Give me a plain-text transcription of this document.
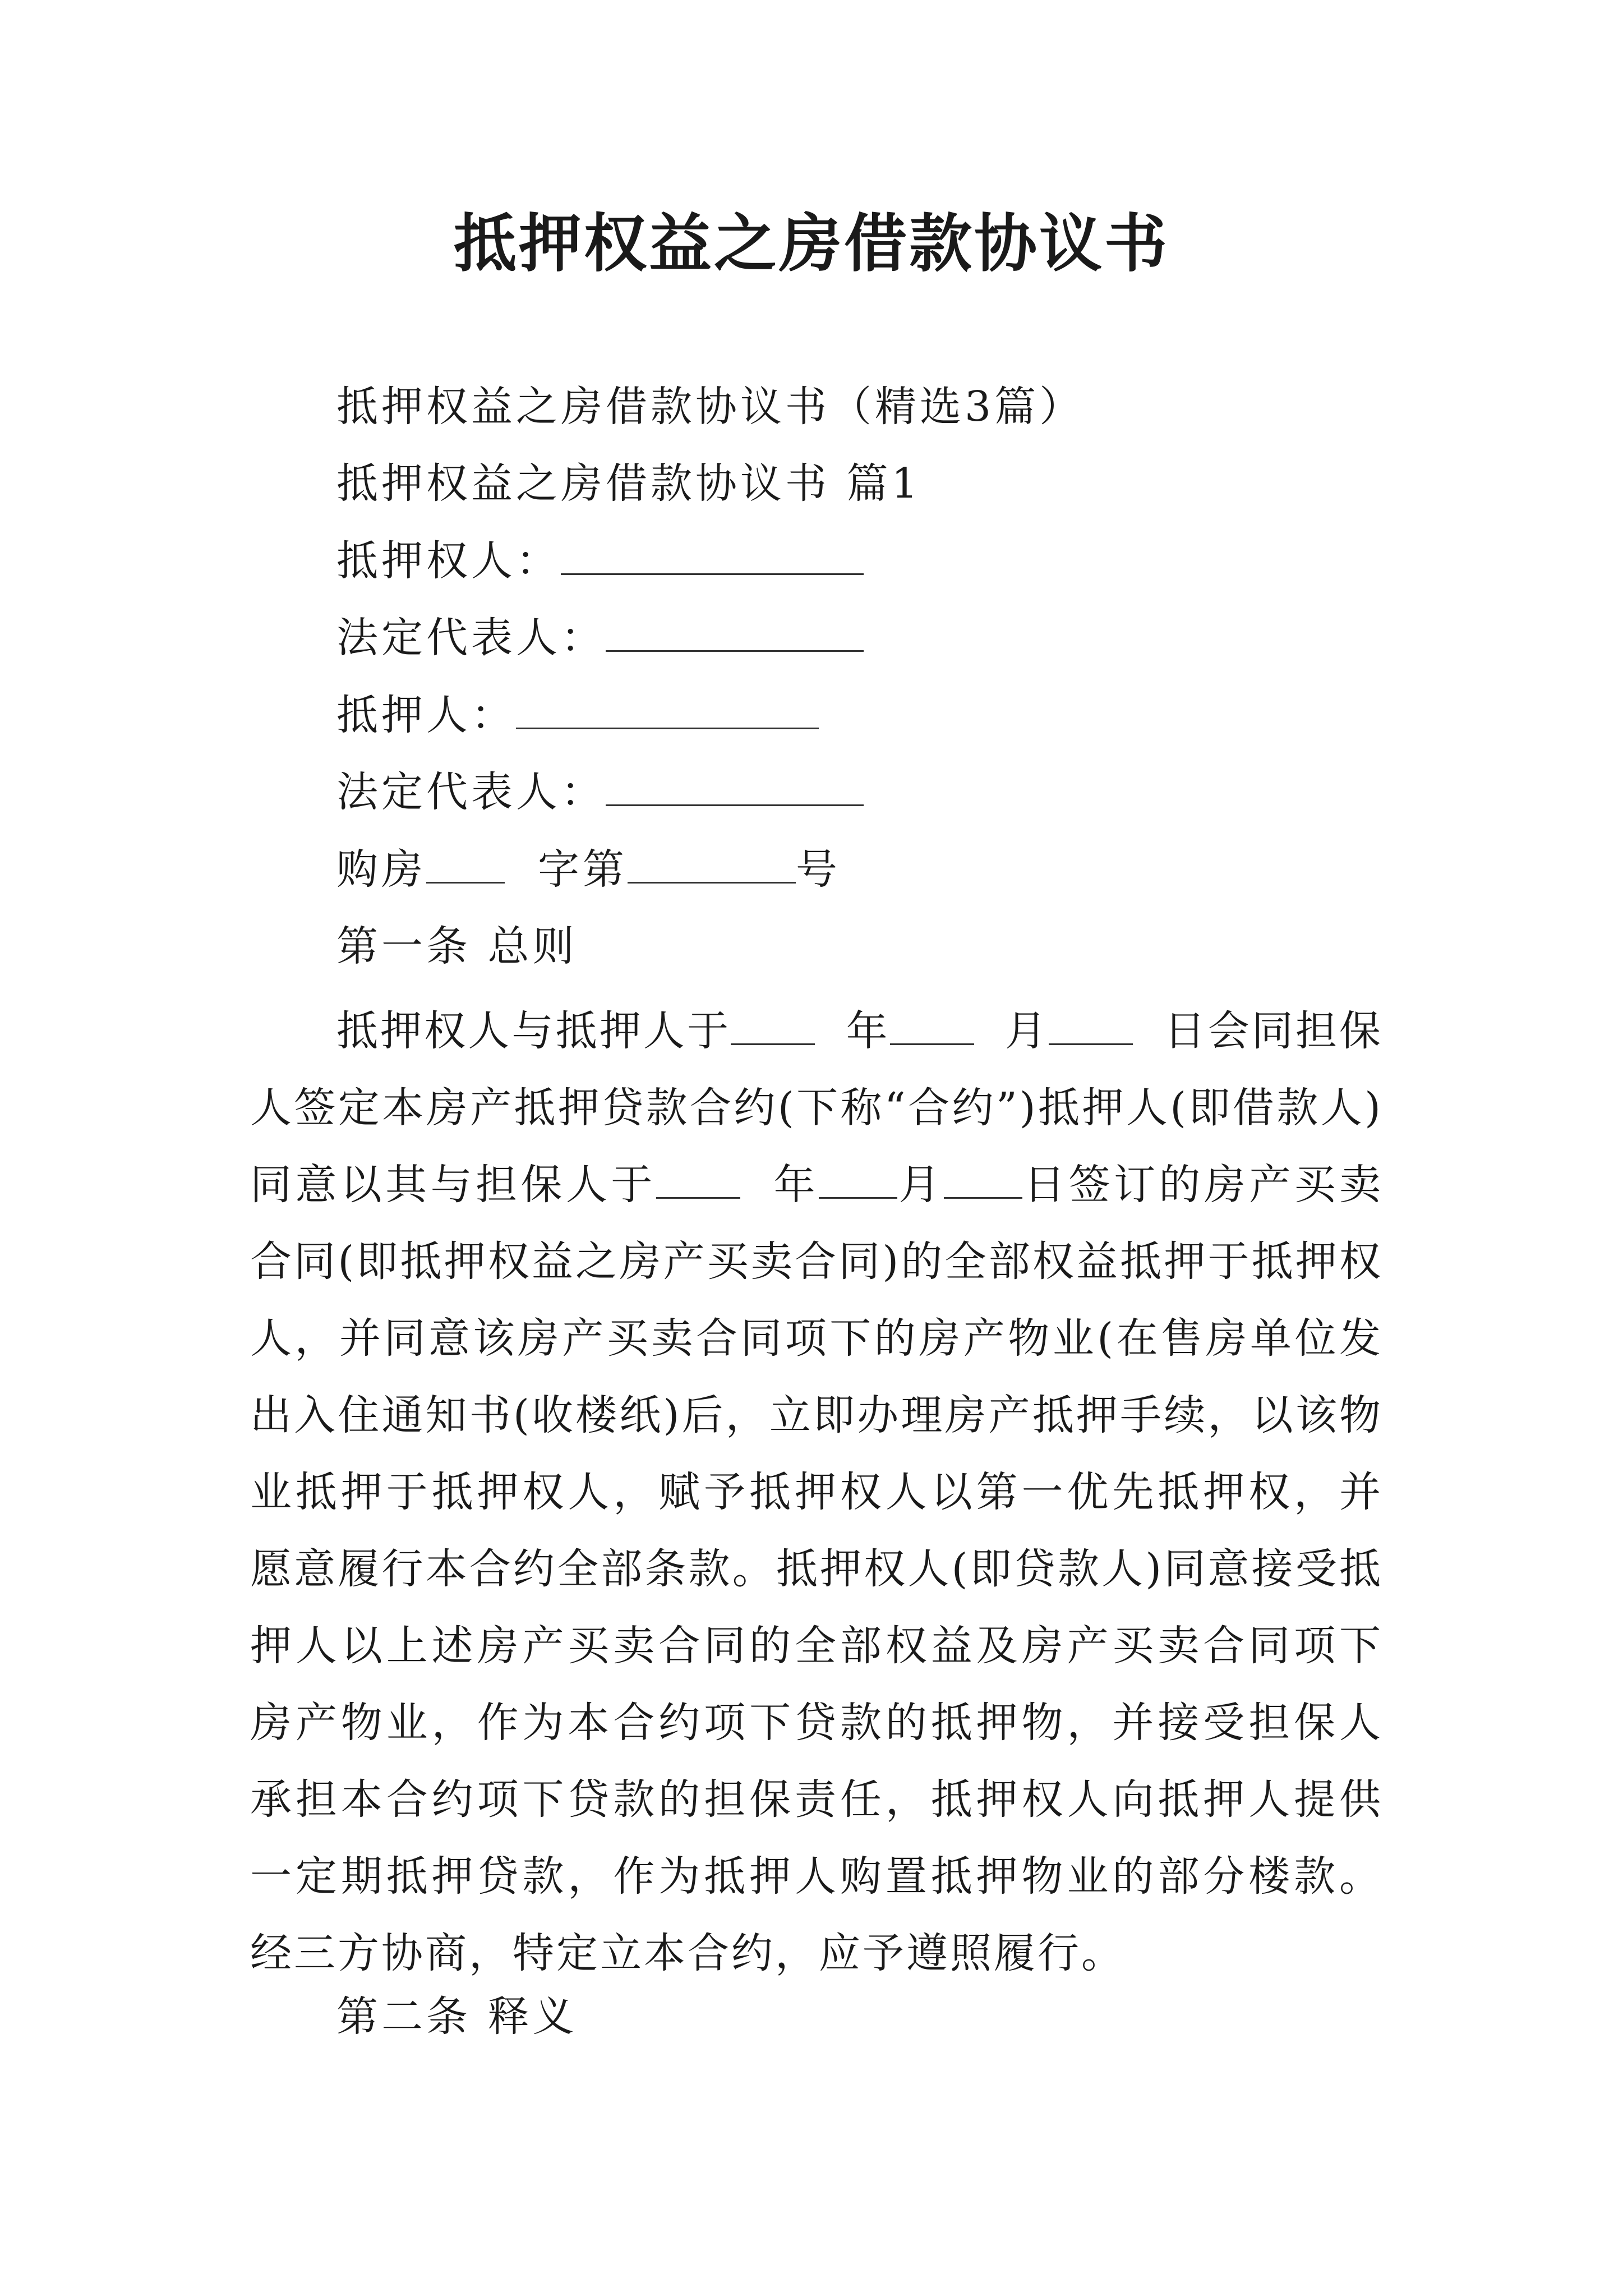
抵押权益之房借款协议书
抵押权益之房借款协议书（精选3篇）
抵押权益之房借款协议书 篇1
抵押权人：
法定代表人：
抵押人：
法定代表人：
购房	字第	号
第一条 总则

抵押权人与抵押人于	年	月	日会同担保人签定本房产抵押贷款合约(下称“合约”)抵押人(即借款人)同意以其与担保人于	年 月 日签订的房产买卖合同(即抵押权益之房产买卖合同)的全部权益抵押于抵押权人，并同意该房产买卖合同项下的房产物业(在售房单位发出入住通知书(收楼纸)后，立即办理房产抵押手续，以该物业抵押于抵押权人，赋予抵押权人以第一优先抵押权，并愿意履行本合约全部条款。抵押权人(即贷款人)同意接受抵押人以上述房产买卖合同的全部权益及房产买卖合同项下房产物业，作为本合约项下贷款的抵押物，并接受担保人承担本合约项下贷款的担保责任，抵押权人向抵押人提供一定期抵押贷款，作为抵押人购置抵押物业的部分楼款。经三方协商，特定立本合约，应予遵照履行。

第二条 释义
